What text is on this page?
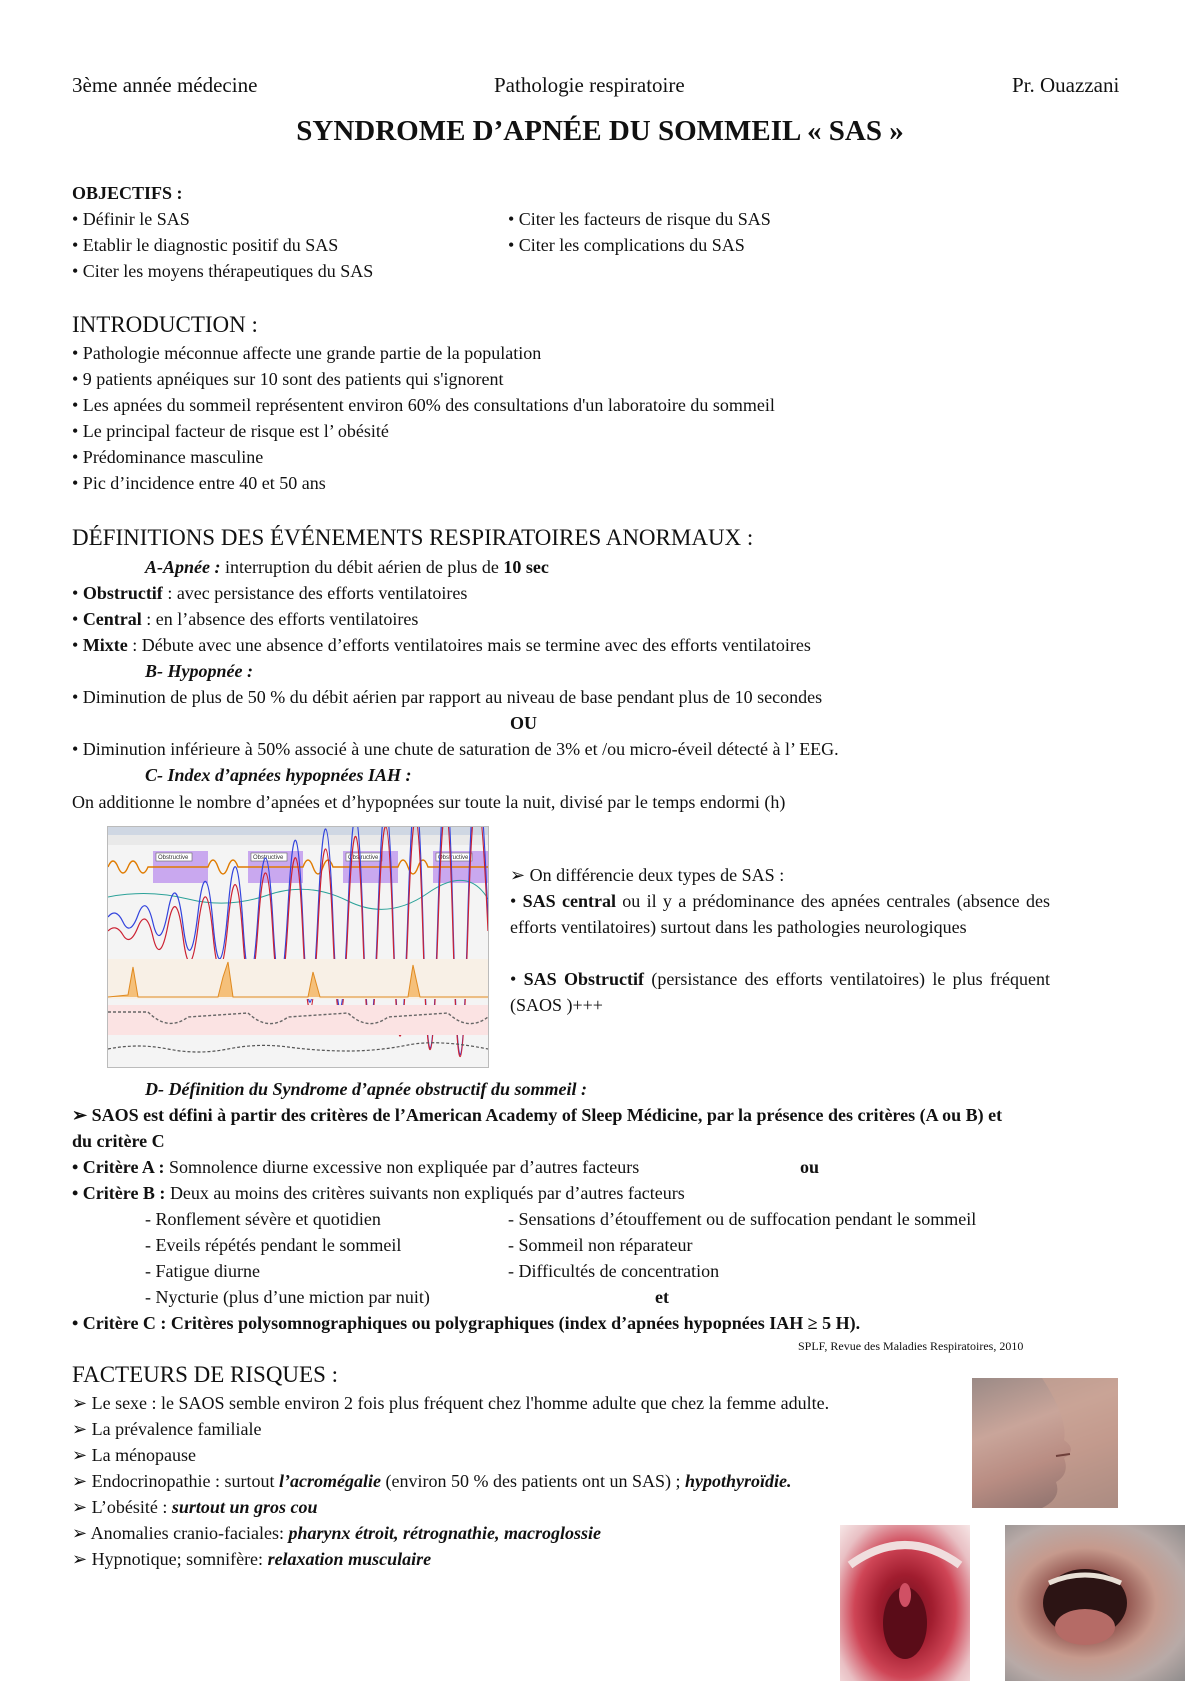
3ème année médecine	Pathologie respiratoire	Pr. Ouazzani
SYNDROME D’APNÉE DU SOMMEIL « SAS »
OBJECTIFS :
• Définir le SAS
• Etablir le diagnostic positif du SAS
• Citer les moyens thérapeutiques du SAS
• Citer les facteurs de risque du SAS
• Citer les complications du SAS
INTRODUCTION :
• Pathologie méconnue affecte une grande partie de la population
• 9 patients apnéiques sur 10 sont des patients qui s'ignorent
• Les apnées du sommeil représentent environ 60% des consultations d'un laboratoire du sommeil
• Le principal facteur de risque est l’ obésité
• Prédominance masculine
• Pic d’incidence entre 40 et 50 ans
DÉFINITIONS DES ÉVÉNEMENTS RESPIRATOIRES ANORMAUX :
A-Apnée : interruption du débit aérien de plus de 10 sec
• Obstructif : avec persistance des efforts ventilatoires
• Central : en l’absence des efforts ventilatoires
• Mixte : Débute avec une absence d’efforts ventilatoires mais se termine avec des efforts ventilatoires
B- Hypopnée :
• Diminution de plus de 50 % du débit aérien par rapport au niveau de base pendant plus de 10 secondes
OU
• Diminution inférieure à 50% associé à une chute de saturation de 3% et /ou micro-éveil détecté à l’ EEG.
C- Index d’apnées hypopnées IAH :
On additionne le nombre d’apnées et d’hypopnées sur toute la nuit, divisé par le temps endormi (h)
Obstructive	Obstructive	Obstructive	Obstructive
➢ On différencie deux types de SAS :
• SAS central ou il y a prédominance des apnées centrales (absence des efforts ventilatoires) surtout dans les pathologies neurologiques
• SAS Obstructif (persistance des efforts ventilatoires) le plus fréquent (SAOS )+++
D- Définition du Syndrome d’apnée obstructif du sommeil :
➢ SAOS est défini à partir des critères de l’American Academy of Sleep Médicine, par la présence des critères (A ou B) et
du critère C
• Critère A : Somnolence diurne excessive non expliquée par d’autres facteurs	ou
• Critère B : Deux au moins des critères suivants non expliqués par d’autres facteurs
- Ronflement sévère et quotidien
- Eveils répétés pendant le sommeil
- Fatigue diurne
- Nycturie (plus d’une miction par nuit)
- Sensations d’étouffement ou de suffocation pendant le sommeil
- Sommeil non réparateur
- Difficultés de concentration
et
• Critère C : Critères polysomnographiques ou polygraphiques (index d’apnées hypopnées IAH ≥ 5 H).
SPLF, Revue des Maladies Respiratoires, 2010
FACTEURS DE RISQUES :
➢ Le sexe : le SAOS semble environ 2 fois plus fréquent chez l'homme adulte que chez la femme adulte.
➢ La prévalence familiale
➢ La ménopause
➢ Endocrinopathie : surtout l’acromégalie (environ 50 % des patients ont un SAS) ; hypothyroïdie.
➢ L’obésité : surtout un gros cou
➢ Anomalies cranio-faciales: pharynx étroit, rétrognathie, macroglossie
➢ Hypnotique; somnifère: relaxation musculaire
